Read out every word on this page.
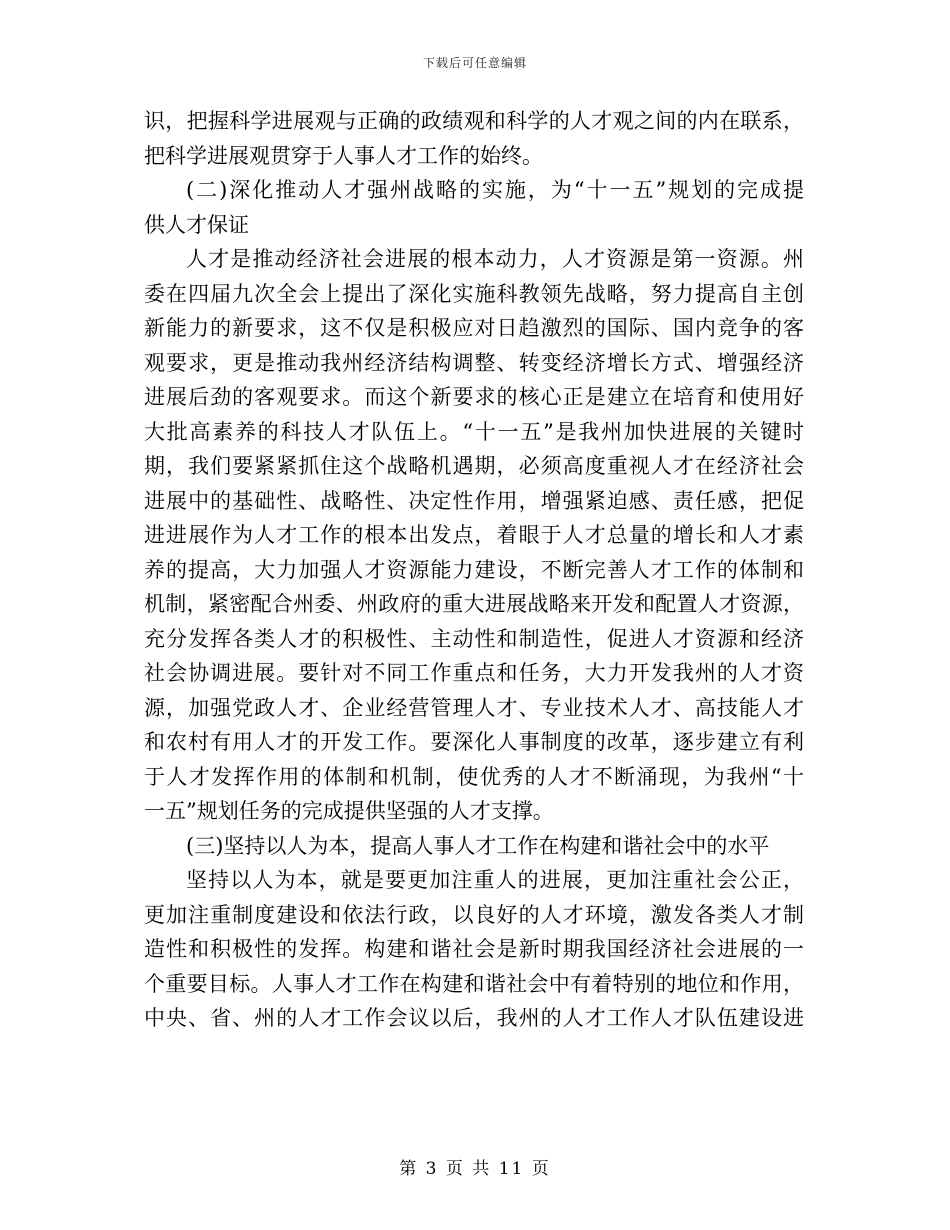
下载后可任意编辑
识，把握科学进展观与正确的政绩观和科学的人才观之间的内在联系，
把科学进展观贯穿于人事人才工作的始终。
(二)深化推动人才强州战略的实施，为“十一五”规划的完成提
供人才保证
人才是推动经济社会进展的根本动力，人才资源是第一资源。州
委在四届九次全会上提出了深化实施科教领先战略，努力提高自主创
新能力的新要求，这不仅是积极应对日趋激烈的国际、国内竞争的客
观要求，更是推动我州经济结构调整、转变经济增长方式、增强经济
进展后劲的客观要求。而这个新要求的核心正是建立在培育和使用好
大批高素养的科技人才队伍上。“十一五”是我州加快进展的关键时
期，我们要紧紧抓住这个战略机遇期，必须高度重视人才在经济社会
进展中的基础性、战略性、决定性作用，增强紧迫感、责任感，把促
进进展作为人才工作的根本出发点，着眼于人才总量的增长和人才素
养的提高，大力加强人才资源能力建设，不断完善人才工作的体制和
机制，紧密配合州委、州政府的重大进展战略来开发和配置人才资源，
充分发挥各类人才的积极性、主动性和制造性，促进人才资源和经济
社会协调进展。要针对不同工作重点和任务，大力开发我州的人才资
源，加强党政人才、企业经营管理人才、专业技术人才、高技能人才
和农村有用人才的开发工作。要深化人事制度的改革，逐步建立有利
于人才发挥作用的体制和机制，使优秀的人才不断涌现，为我州“十
一五”规划任务的完成提供坚强的人才支撑。
(三)坚持以人为本，提高人事人才工作在构建和谐社会中的水平
坚持以人为本，就是要更加注重人的进展，更加注重社会公正，
更加注重制度建设和依法行政，以良好的人才环境，激发各类人才制
造性和积极性的发挥。构建和谐社会是新时期我国经济社会进展的一
个重要目标。人事人才工作在构建和谐社会中有着特别的地位和作用，
中央、省、州的人才工作会议以后，我州的人才工作人才队伍建设进
第 3 页 共 11 页
